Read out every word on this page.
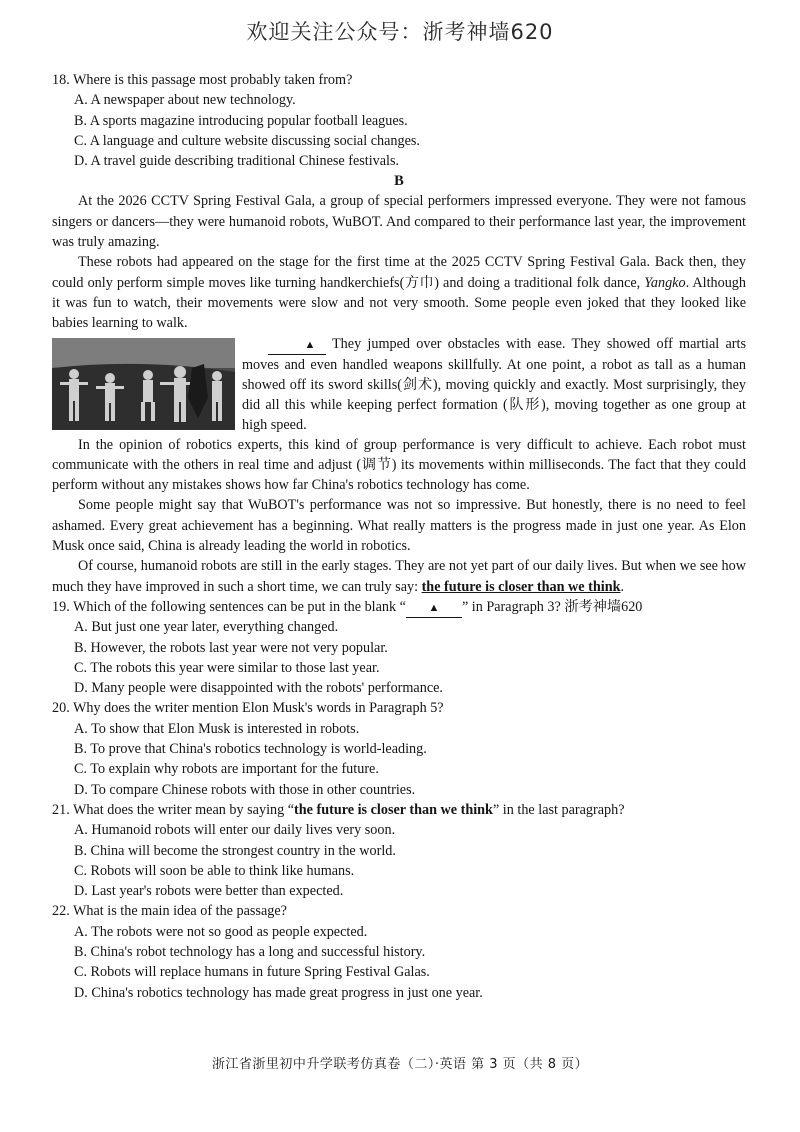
欢迎关注公众号：浙考神墙620

18. Where is this passage most probably taken from?

A. A newspaper about new technology.

B. A sports magazine introducing popular football leagues.

C. A language and culture website discussing social changes.

D. A travel guide describing traditional Chinese festivals.

B

At the 2026 CCTV Spring Festival Gala, a group of special performers impressed everyone. They were not famous singers or dancers—they were humanoid robots, WuBOT. And compared to their performance last year, the improvement was truly amazing.

These robots had appeared on the stage for the first time at the 2025 CCTV Spring Festival Gala. Back then, they could only perform simple moves like turning handkerchiefs(方巾) and doing a traditional folk dance, Yangko. Although it was fun to watch, their movements were slow and not very smooth. Some people even joked that they looked like babies learning to walk.

▲ They jumped over obstacles with ease. They showed off martial arts moves and even handled weapons skillfully. At one point, a robot as tall as a human showed off its sword skills(剑术), moving quickly and exactly. Most surprisingly, they did all this while keeping perfect formation (队形), moving together as one group at high speed.

In the opinion of robotics experts, this kind of group performance is very difficult to achieve. Each robot must communicate with the others in real time and adjust (调节) its movements within milliseconds. The fact that they could perform without any mistakes shows how far China's robotics technology has come.

Some people might say that WuBOT's performance was not so impressive. But honestly, there is no need to feel ashamed. Every great achievement has a beginning. What really matters is the progress made in just one year. As Elon Musk once said, China is already leading the world in robotics.

Of course, humanoid robots are still in the early stages. They are not yet part of our daily lives. But when we see how much they have improved in such a short time, we can truly say: the future is closer than we think.

19. Which of the following sentences can be put in the blank “ ▲ ” in Paragraph 3? 浙考神墙620

A. But just one year later, everything changed.

B. However, the robots last year were not very popular.

C. The robots this year were similar to those last year.

D. Many people were disappointed with the robots' performance.

20. Why does the writer mention Elon Musk's words in Paragraph 5?

A. To show that Elon Musk is interested in robots.

B. To prove that China's robotics technology is world-leading.

C. To explain why robots are important for the future.

D. To compare Chinese robots with those in other countries.

21. What does the writer mean by saying “the future is closer than we think” in the last paragraph?

A. Humanoid robots will enter our daily lives very soon.

B. China will become the strongest country in the world.

C. Robots will soon be able to think like humans.

D. Last year's robots were better than expected.

22. What is the main idea of the passage?

A. The robots were not so good as people expected.

B. China's robot technology has a long and successful history.

C. Robots will replace humans in future Spring Festival Galas.

D. China's robotics technology has made great progress in just one year.

浙江省浙里初中升学联考仿真卷（二）·英语 第 3 页（共 8 页）
